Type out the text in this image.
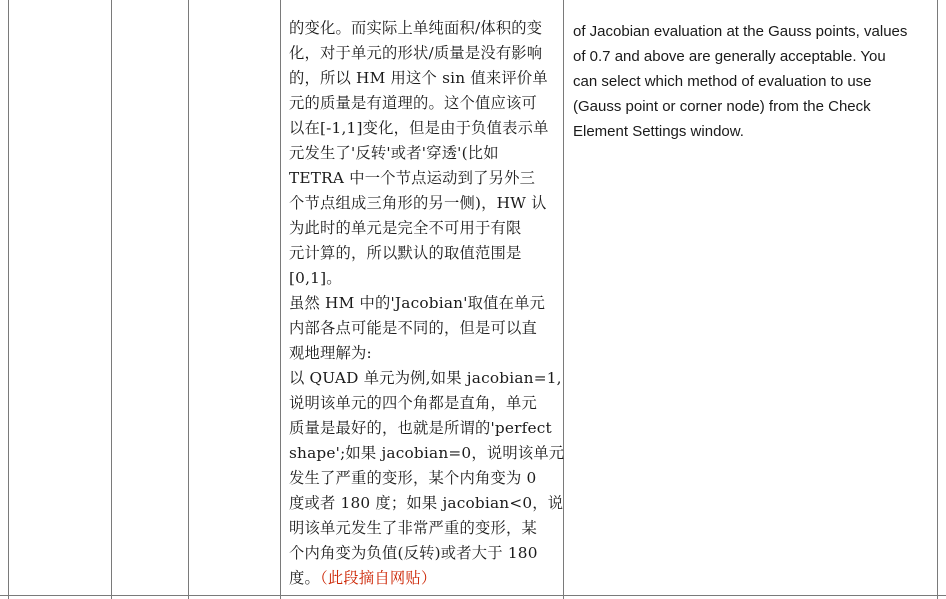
的变化。而实际上单纯面积/体积的变
化，对于单元的形状/质量是没有影响
的，所以 HM 用这个 sin 值来评价单
元的质量是有道理的。这个值应该可
以在[-1,1]变化，但是由于负值表示单
元发生了'反转'或者'穿透'(比如
TETRA 中一个节点运动到了另外三
个节点组成三角形的另一侧)，HW 认
为此时的单元是完全不可用于有限
元计算的，所以默认的取值范围是
[0,1]。
虽然 HM 中的'Jacobian'取值在单元
内部各点可能是不同的，但是可以直
观地理解为:
以 QUAD 单元为例,如果 jacobian=1,
说明该单元的四个角都是直角，单元
质量是最好的，也就是所谓的'perfect
shape';如果 jacobian=0，说明该单元
发生了严重的变形，某个内角变为 0
度或者 180 度；如果 jacobian<0，说
明该单元发生了非常严重的变形，某
个内角变为负值(反转)或者大于 180
度。（此段摘自网贴）
of Jacobian evaluation at the Gauss points, values
of 0.7 and above are generally acceptable. You
can select which method of evaluation to use
(Gauss point or corner node) from the Check
Element Settings window.
